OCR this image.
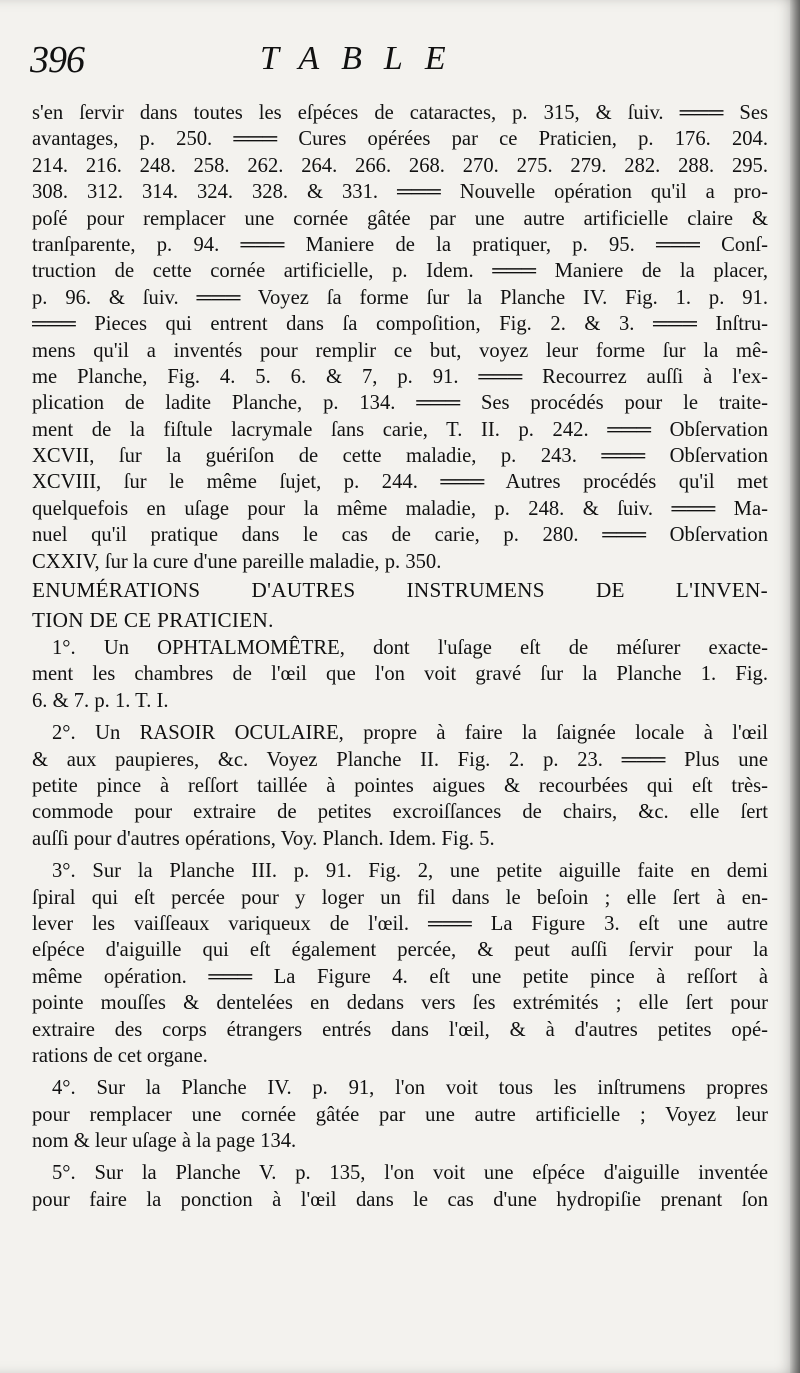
396	TABLE
s'en ſervir dans toutes les eſpéces de cataractes, p. 315, & ſuiv. ═══ Ses
avantages, p. 250. ═══ Cures opérées par ce Praticien, p. 176. 204.
214. 216. 248. 258. 262. 264. 266. 268. 270. 275. 279. 282. 288. 295.
308. 312. 314. 324. 328. & 331. ═══ Nouvelle opération qu'il a pro-
poſé pour remplacer une cornée gâtée par une autre artificielle claire &
tranſparente, p. 94. ═══ Maniere de la pratiquer, p. 95. ═══ Conſ-
truction de cette cornée artificielle, p. Idem. ═══ Maniere de la placer,
p. 96. & ſuiv. ═══ Voyez ſa forme ſur la Planche IV. Fig. 1. p. 91.
═══ Pieces qui entrent dans ſa compoſition, Fig. 2. & 3. ═══ Inſtru-
mens qu'il a inventés pour remplir ce but, voyez leur forme ſur la mê-
me Planche, Fig. 4. 5. 6. & 7, p. 91. ═══ Recourrez auſſi à l'ex-
plication de ladite Planche, p. 134. ═══ Ses procédés pour le traite-
ment de la fiſtule lacrymale ſans carie, T. II. p. 242. ═══ Obſervation
XCVII, ſur la guériſon de cette maladie, p. 243. ═══ Obſervation
XCVIII, ſur le même ſujet, p. 244. ═══ Autres procédés qu'il met
quelquefois en uſage pour la même maladie, p. 248. & ſuiv. ═══ Ma-
nuel qu'il pratique dans le cas de carie, p. 280. ═══ Obſervation
CXXIV, ſur la cure d'une pareille maladie, p. 350.
ENUMÉRATIONS D'AUTRES INSTRUMENS DE L'INVEN-
TION DE CE PRATICIEN.
1°. Un OPHTALMOMÊTRE, dont l'uſage eſt de méſurer exacte-
ment les chambres de l'œil que l'on voit gravé ſur la Planche 1. Fig.
6. & 7. p. 1. T. I.
2°. Un RASOIR OCULAIRE, propre à faire la ſaignée locale à l'œil
& aux paupieres, &c. Voyez Planche II. Fig. 2. p. 23. ═══ Plus une
petite pince à reſſort taillée à pointes aigues & recourbées qui eſt très-
commode pour extraire de petites excroiſſances de chairs, &c. elle ſert
auſſi pour d'autres opérations, Voy. Planch. Idem. Fig. 5.
3°. Sur la Planche III. p. 91. Fig. 2, une petite aiguille faite en demi
ſpiral qui eſt percée pour y loger un fil dans le beſoin ; elle ſert à en-
lever les vaiſſeaux variqueux de l'œil. ═══ La Figure 3. eſt une autre
eſpéce d'aiguille qui eſt également percée, & peut auſſi ſervir pour la
même opération. ═══ La Figure 4. eſt une petite pince à reſſort à
pointe mouſſes & dentelées en dedans vers ſes extrémités ; elle ſert pour
extraire des corps étrangers entrés dans l'œil, & à d'autres petites opé-
rations de cet organe.
4°. Sur la Planche IV. p. 91, l'on voit tous les inſtrumens propres
pour remplacer une cornée gâtée par une autre artificielle ; Voyez leur
nom & leur uſage à la page 134.
5°. Sur la Planche V. p. 135, l'on voit une eſpéce d'aiguille inventée
pour faire la ponction à l'œil dans le cas d'une hydropiſie prenant ſon
